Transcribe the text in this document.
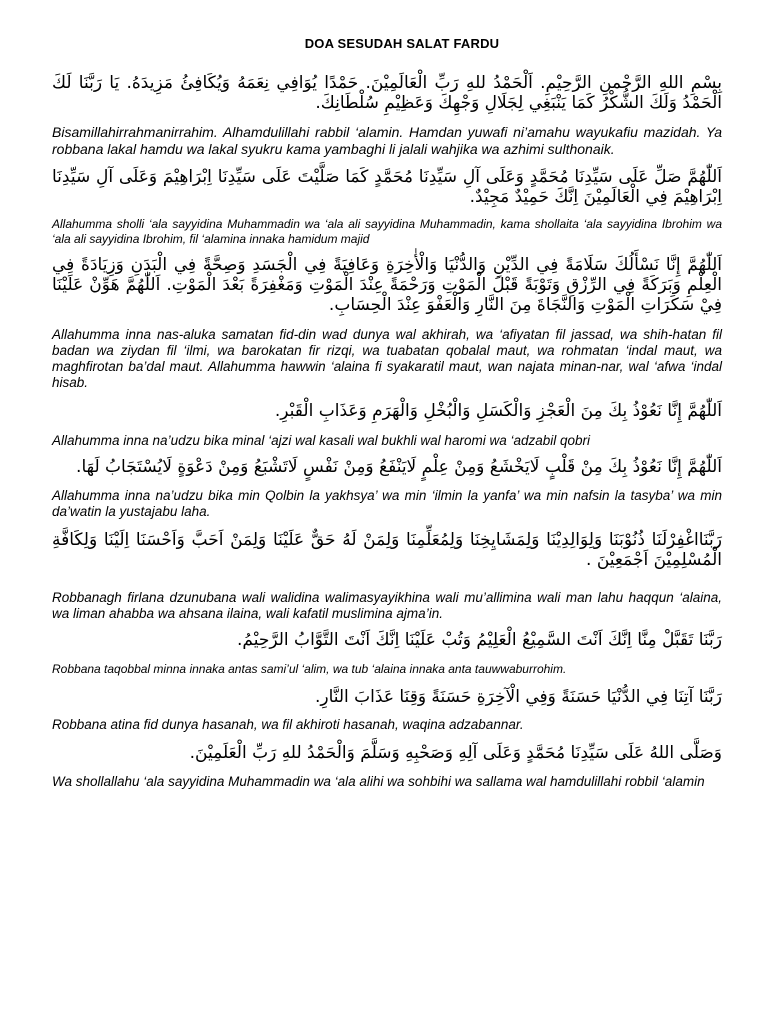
DOA SESUDAH SALAT FARDU

بِسْمِ اللهِ الرَّحْمنِ الرَّحِيْمِ. اَلْحَمْدُ للهِ رَبِّ الْعَالَمِيْنَ. حَمْدًا يُوَافِي نِعَمَهُ وَيُكَافِئُ مَزِيدَهُ. يَا رَبَّنَا لَكَ الْحَمْدُ وَلَكَ الشُّكْرُ كَمَا يَنْبَغِي لِجَلَالِ وَجْهِكَ وَعَظِيْمِ سُلْطَانِكَ.

Bisamillahirrahmanirrahim. Alhamdulillahi rabbil ‘alamin. Hamdan yuwafi ni’amahu wayukafiu mazidah. Ya robbana lakal hamdu wa lakal syukru kama yambaghi li jalali wahjika wa azhimi sulthonaik.

اَللّٰهُمَّ صَلِّ عَلَى سَيِّدِنَا مُحَمَّدٍ وَعَلَى آلِ سَيِّدِنَا مُحَمَّدٍ كَمَا صَلَّيْتَ عَلَى سَيِّدِنَا اِبْرَاهِيْمَ وَعَلَى آلِ سَيِّدِنَا اِبْرَاهِيْمَ فِي الْعَالَمِيْنَ اِنَّكَ حَمِيْدٌ مَجِيْدٌ.

Allahumma sholli ‘ala sayyidina Muhammadin wa ‘ala ali sayyidina Muhammadin, kama shollaita ‘ala sayyidina Ibrohim wa ‘ala ali sayyidina Ibrohim, fil ‘alamina innaka hamidum majid

اَللّٰهُمَّ إِنَّا نَسْأَلُكَ سَلَامَةً فِي الدِّيْنِ وَالدُّنْيَا وَالْأٰخِرَةِ وَعَافِيَةً فِي الْجَسَدِ وَصِحَّةً فِي الْبَدَنِ وَزِيَادَةً فِي الْعِلْمِ وَبَرَكَةً فِي الرِّزْقِ وَتَوْبَةً قَبْلَ الْمَوْتِ وَرَحْمَةً عِنْدَ الْمَوْتِ وَمَغْفِرَةً بَعْدَ الْمَوْتِ. اَللّٰهُمَّ هَوِّنْ عَلَيْنَا فِيْ سَكَرَاتِ الْمَوْتِ وَالنَّجَاةَ مِنَ النَّارِ وَالْعَفْوَ عِنْدَ الْحِسَابِ.

Allahumma inna nas-aluka samatan fid-din wad dunya wal akhirah, wa ‘afiyatan fil jassad, wa shih-hatan fil badan wa ziydan fil ‘ilmi, wa barokatan fir rizqi, wa tuabatan qobalal maut, wa rohmatan ‘indal maut, wa maghfirotan ba’dal maut. Allahumma hawwin ‘alaina fi syakaratil maut, wan najata minan-nar, wal ‘afwa ‘indal hisab.

اَللّٰهُمَّ إِنَّا نَعُوْذُ بِكَ مِنَ الْعَجْزِ وَالْكَسَلِ وَالْبُخْلِ وَالْهَرَمِ وَعَذَابِ الْقَبْرِ.

Allahumma inna na’udzu bika minal ‘ajzi wal kasali wal bukhli wal haromi wa ‘adzabil qobri

اَللّٰهُمَّ إِنَّا نَعُوْذُ بِكَ مِنْ قَلْبٍ لَايَخْشَعُ وَمِنْ عِلْمٍ لَايَنْفَعُ وَمِنْ نَفْسٍ لَاتَشْبَعُ وَمِنْ دَعْوَةٍ لَايُسْتَجَابُ لَهَا.

Allahumma inna na’udzu bika min Qolbin la yakhsya’ wa min ‘ilmin la yanfa’ wa min nafsin la tasyba’ wa min da’watin la yustajabu laha.

رَبَّنَااغْفِرْلَنَا ذُنُوْبَنَا وَلِوَالِدِيْنَا وَلِمَشَايِخِنَا وَلِمُعَلِّمِنَا وَلِمَنْ لَهُ حَقٌّ عَلَيْنَا وَلِمَنْ اَحَبَّ وَاَحْسَنَا اِلَيْنَا وَلِكَافَّةِ الْمُسْلِمِيْنَ اَجْمَعِيْنَ .

Robbanagh firlana dzunubana wali walidina walimasyayikhina wali mu’allimina wali man lahu haqqun ‘alaina, wa liman ahabba wa ahsana ilaina, wali kafatil muslimina ajma’in.

رَبَّنَا تَقَبَّلْ مِنَّا اِنَّكَ اَنْتَ السَّمِيْعُ الْعَلِيْمُ وَتُبْ عَلَيْنَا اِنَّكَ اَنْتَ التَّوَّابُ الرَّحِيْمُ.

Robbana taqobbal minna innaka antas sami’ul ‘alim, wa tub ‘alaina innaka anta tauwwaburrohim.

رَبَّنَا آتِنَا فِي الدُّنْيَا حَسَنَةً وَفِي الْآخِرَةِ حَسَنَةً وَقِنَا عَذَابَ النَّارِ.

Robbana atina fid dunya hasanah, wa fil akhiroti hasanah, waqina adzabannar.

وَصَلَّى اللهُ عَلَى سَيِّدِنَا مُحَمَّدٍ وَعَلَى آلِهِ وَصَحْبِهِ وَسَلَّمَ وَالْحَمْدُ للهِ رَبِّ الْعَلَمِيْنَ.

Wa shollallahu ‘ala sayyidina Muhammadin wa ‘ala alihi wa sohbihi wa sallama wal hamdulillahi robbil ‘alamin
